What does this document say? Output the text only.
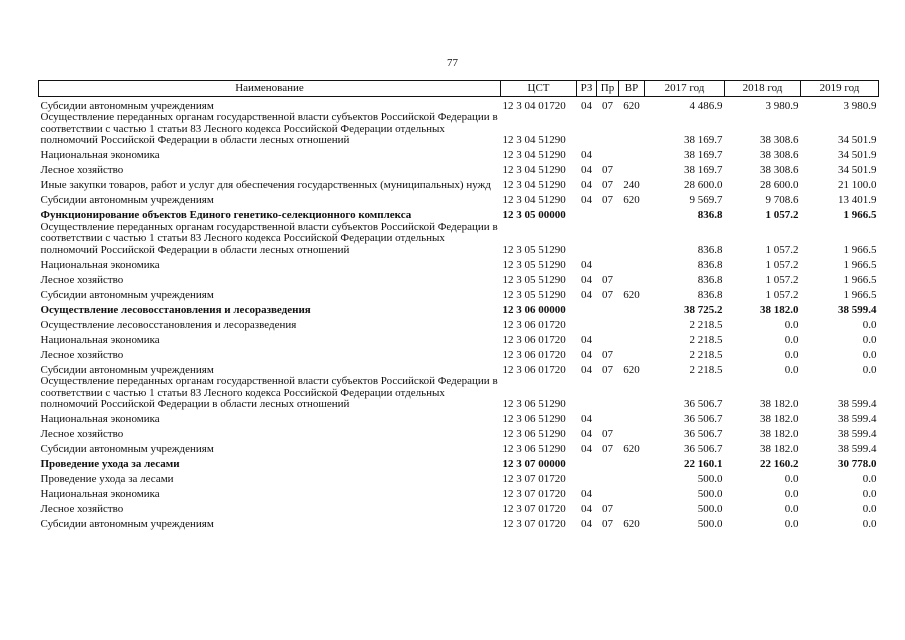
77
Наименование	ЦСТ	РЗ	Пр	ВР	2017 год	2018 год	2019 год
Субсидии автономным учреждениям	12 3 04 01720	04	07	620	4 486.9	3 980.9	3 980.9
Осуществление переданных органам государственной власти субъектов Российской Федерации в соответствии с частью 1 статьи 83 Лесного кодекса Российской Федерации отдельных полномочий Российской Федерации в области лесных отношений	12 3 04 51290				38 169.7	38 308.6	34 501.9
Национальная экономика	12 3 04 51290	04			38 169.7	38 308.6	34 501.9
Лесное хозяйство	12 3 04 51290	04	07		38 169.7	38 308.6	34 501.9
Иные закупки товаров, работ и услуг для обеспечения государственных (муниципальных) нужд	12 3 04 51290	04	07	240	28 600.0	28 600.0	21 100.0
Субсидии автономным учреждениям	12 3 04 51290	04	07	620	9 569.7	9 708.6	13 401.9
Функционирование объектов Единого генетико-селекционного комплекса	12 3 05 00000				836.8	1 057.2	1 966.5
Осуществление переданных органам государственной власти субъектов Российской Федерации в соответствии с частью 1 статьи 83 Лесного кодекса Российской Федерации отдельных полномочий Российской Федерации в области лесных отношений	12 3 05 51290				836.8	1 057.2	1 966.5
Национальная экономика	12 3 05 51290	04			836.8	1 057.2	1 966.5
Лесное хозяйство	12 3 05 51290	04	07		836.8	1 057.2	1 966.5
Субсидии автономным учреждениям	12 3 05 51290	04	07	620	836.8	1 057.2	1 966.5
Осуществление лесовосстановления и лесоразведения	12 3 06 00000				38 725.2	38 182.0	38 599.4
Осуществление лесовосстановления и лесоразведения	12 3 06 01720				2 218.5	0.0	0.0
Национальная экономика	12 3 06 01720	04			2 218.5	0.0	0.0
Лесное хозяйство	12 3 06 01720	04	07		2 218.5	0.0	0.0
Субсидии автономным учреждениям	12 3 06 01720	04	07	620	2 218.5	0.0	0.0
Осуществление переданных органам государственной власти субъектов Российской Федерации в соответствии с частью 1 статьи 83 Лесного кодекса Российской Федерации отдельных полномочий Российской Федерации в области лесных отношений	12 3 06 51290				36 506.7	38 182.0	38 599.4
Национальная экономика	12 3 06 51290	04			36 506.7	38 182.0	38 599.4
Лесное хозяйство	12 3 06 51290	04	07		36 506.7	38 182.0	38 599.4
Субсидии автономным учреждениям	12 3 06 51290	04	07	620	36 506.7	38 182.0	38 599.4
Проведение ухода за лесами	12 3 07 00000				22 160.1	22 160.2	30 778.0
Проведение ухода за лесами	12 3 07 01720				500.0	0.0	0.0
Национальная экономика	12 3 07 01720	04			500.0	0.0	0.0
Лесное хозяйство	12 3 07 01720	04	07		500.0	0.0	0.0
Субсидии автономным учреждениям	12 3 07 01720	04	07	620	500.0	0.0	0.0
